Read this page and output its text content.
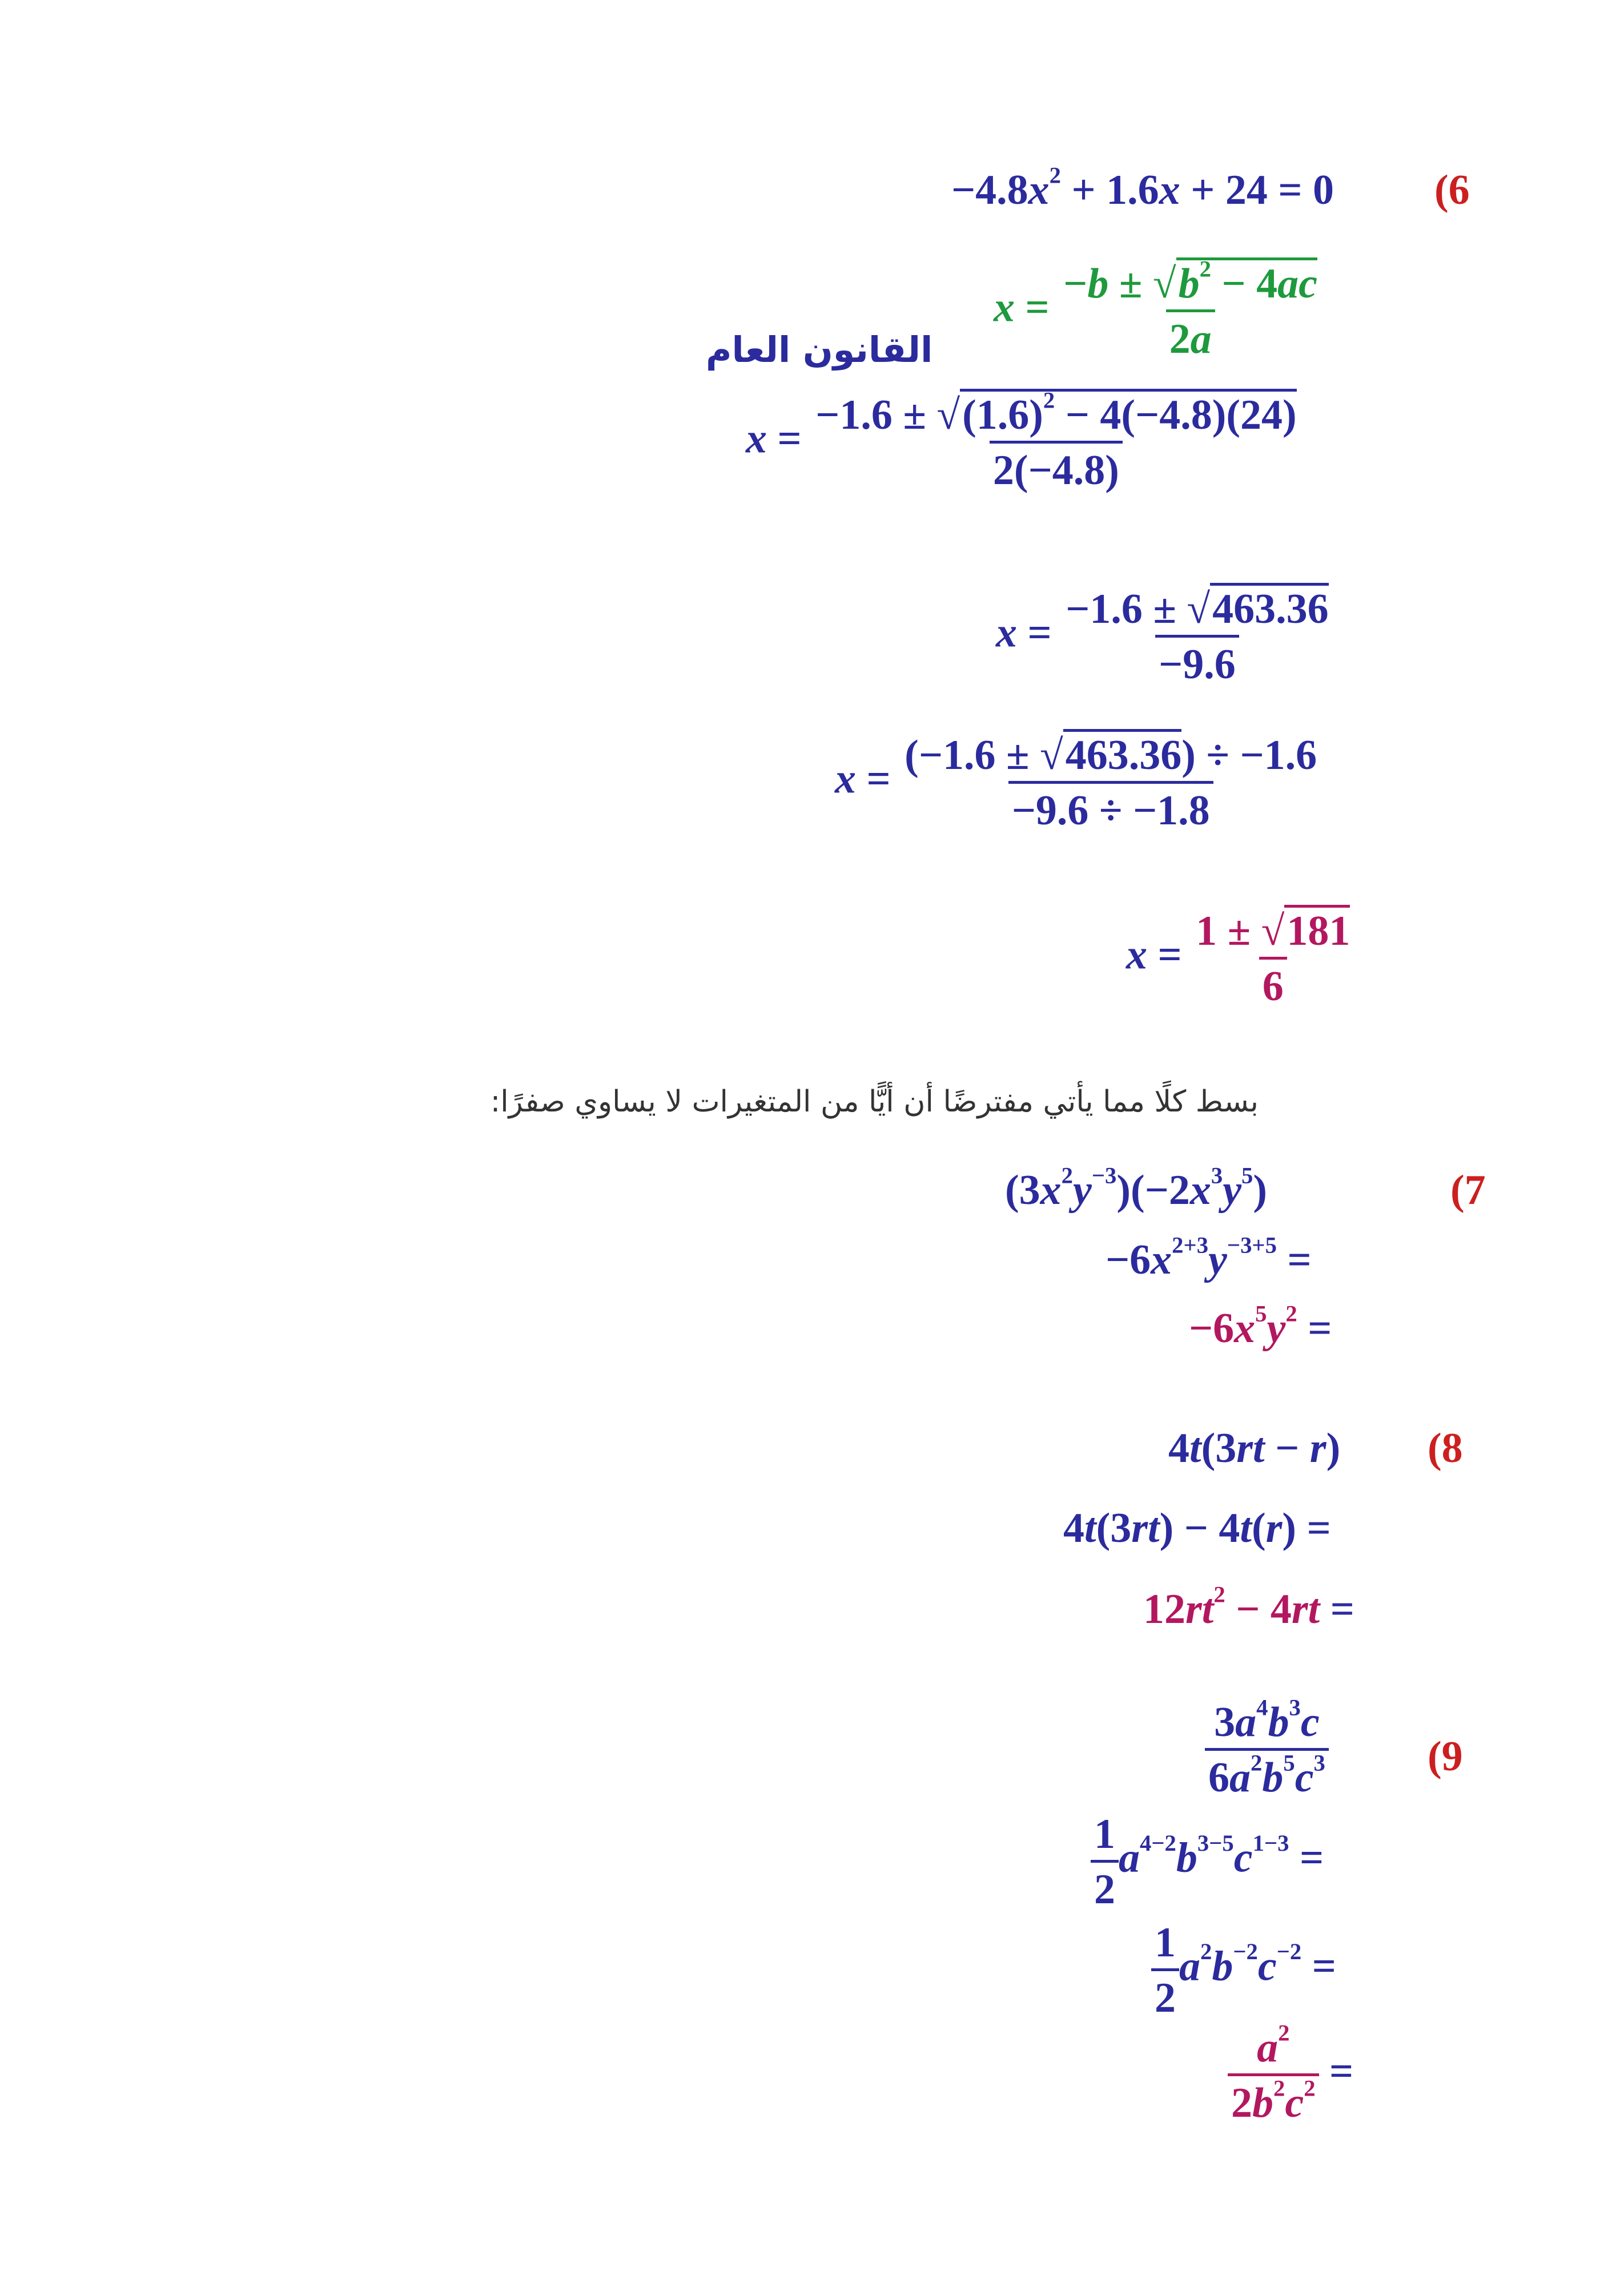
(6
$-4.8x^2 + 1.6x + 24 = 0$
$x = \frac{-b \pm √b^2 - 4ac}{2a}$
القانون العام
$x = \frac{-1.6 \pm √(1.6)^2 - 4(-4.8)(24)}{2(-4.8)}$
$x = \frac{-1.6 \pm √463.36}{-9.6}$
$x = \frac{(-1.6 \pm √463.36) \div -1.6}{-9.6 \div -1.8}$
$x = \frac{1 \pm √181}{6}$
بسط كلًا مما يأتي مفترضًا أن أيًّا من المتغيرات لا يساوي صفرًا:
(7
$(3x^2y^{-3})(-2x^3y^5)$
$-6x^{2+3}y^{-3+5}$ =
$-6x^5y^2$ =
(8
4t(3rt − r)
4t(3rt) − 4t(r) =
$12rt^2 - 4rt$ =
(9
$\frac{3a^4b^3c}{6a^2b^5c^3}$
$\frac{1}{2} a^{4-2}b^{3-5}c^{1-3}$ =
$\frac{1}{2} a^2b^{-2}c^{-2}$ =
$\frac{a^2}{2b^2c^2}$ =
